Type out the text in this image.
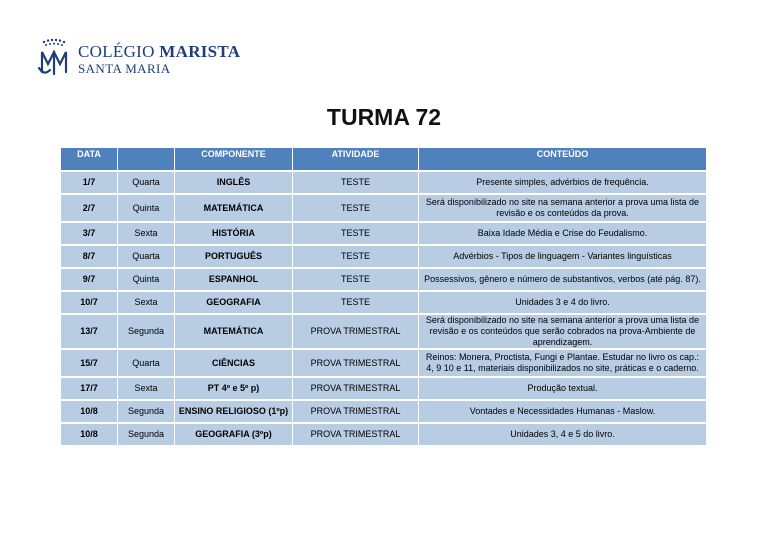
COLÉGIO MARISTA
SANTA MARIA
TURMA 72
DATA		COMPONENTE	ATIVIDADE	CONTEÚDO
1/7	Quarta	INGLÊS	TESTE	Presente simples, advérbios de frequência.
2/7	Quinta	MATEMÁTICA	TESTE	Será disponibilizado no site na semana anterior a prova uma lista de revisão e os conteúdos da prova.
3/7	Sexta	HISTÓRIA	TESTE	Baixa Idade Média e Crise do Feudalismo.
8/7	Quarta	PORTUGUÊS	TESTE	Advérbios - Tipos de linguagem - Variantes linguísticas
9/7	Quinta	ESPANHOL	TESTE	Possessivos, gênero e número de substantivos, verbos (até pág. 87).
10/7	Sexta	GEOGRAFIA	TESTE	Unidades 3 e 4 do livro.
13/7	Segunda	MATEMÁTICA	PROVA TRIMESTRAL	Será disponibilizado no site na semana anterior a prova uma lista de revisão e os conteúdos que serão cobrados na prova-Ambiente de aprendizagem.
15/7	Quarta	CIÊNCIAS	PROVA TRIMESTRAL	Reinos: Monera, Proctista, Fungi e Plantae. Estudar no livro os cap.: 4, 9 10 e 11, materiais disponibilizados no site, práticas e o caderno.
17/7	Sexta	PT 4º e 5º p)	PROVA TRIMESTRAL	Produção textual.
10/8	Segunda	ENSINO RELIGIOSO (1ºp)	PROVA TRIMESTRAL	Vontades e Necessidades Humanas - Maslow.
10/8	Segunda	GEOGRAFIA (3ºp)	PROVA TRIMESTRAL	Unidades 3, 4 e 5 do livro.
